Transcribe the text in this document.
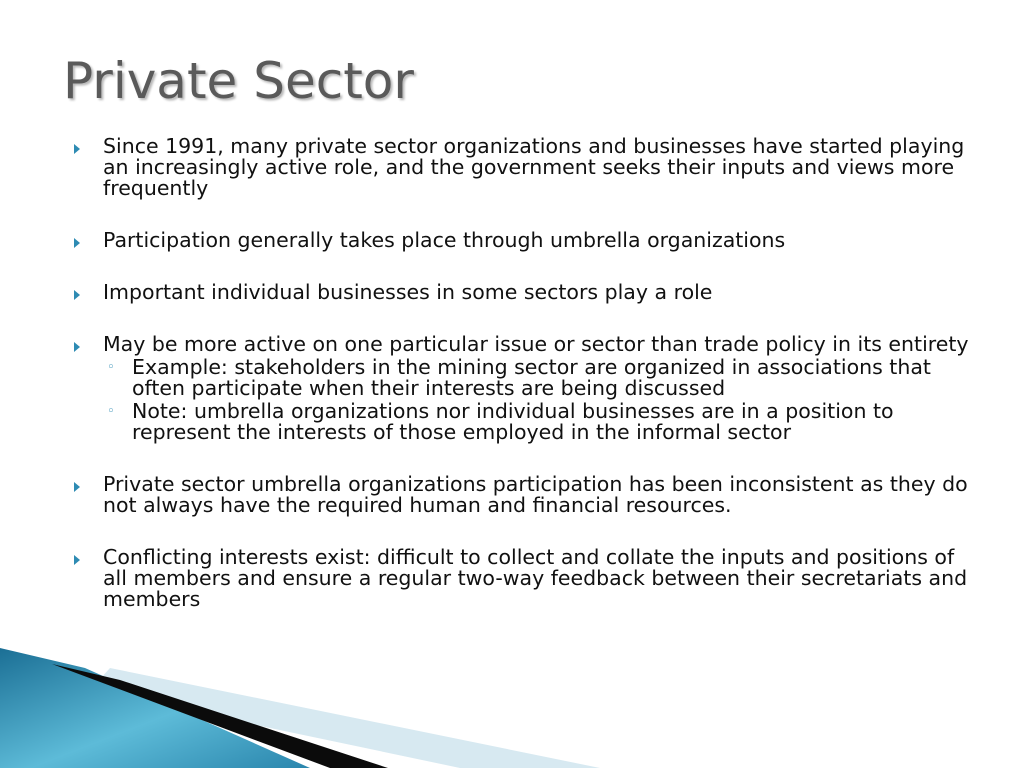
Private Sector
Since 1991, many private sector organizations and businesses have started playing an increasingly active role, and the government seeks their inputs and views more frequently
Participation generally takes place through umbrella organizations
Important individual businesses in some sectors play a role
May be more active on one particular issue or sector than trade policy in its entirety
◦ Example: stakeholders in the mining sector are organized in associations that often participate when their interests are being discussed
◦ Note: umbrella organizations nor individual businesses are in a position to represent the interests of those employed in the informal sector
Private sector umbrella organizations participation has been inconsistent as they do not always have the required human and financial resources.
Conflicting interests exist: difficult to collect and collate the inputs and positions of all members and ensure a regular two-way feedback between their secretariats and members
